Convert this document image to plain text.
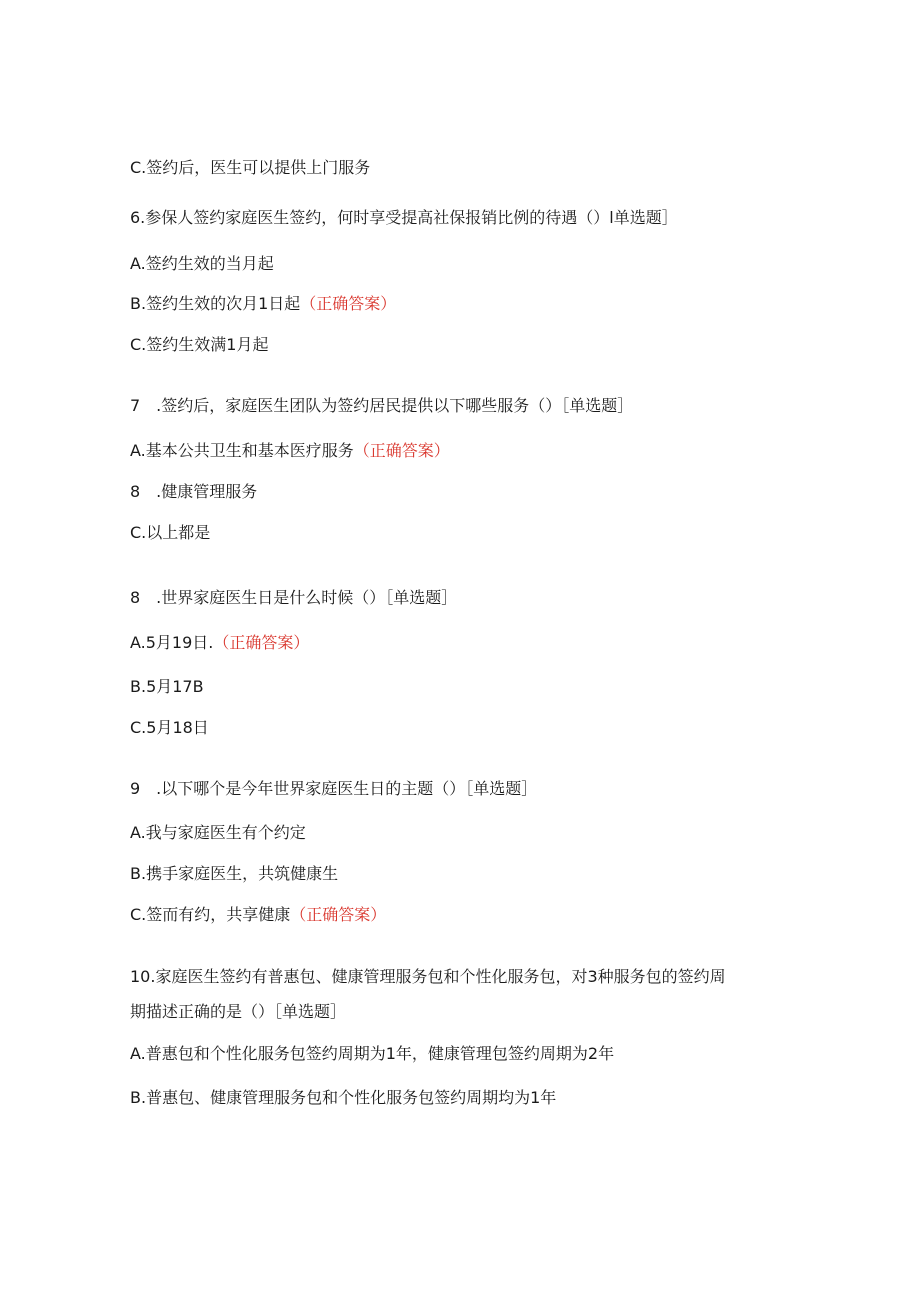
C.签约后，医生可以提供上门服务
6.参保人签约家庭医生签约，何时享受提高社保报销比例的待遇（）l单选题］
A.签约生效的当月起
B.签约生效的次月1日起（正确答案）
C.签约生效满1月起
7　.签约后，家庭医生团队为签约居民提供以下哪些服务（）［单选题］
A.基本公共卫生和基本医疗服务（正确答案）
8　.健康管理服务
C.以上都是
8　.世界家庭医生日是什么时候（）［单选题］
A.5月19日.（正确答案）
B.5月17B
C.5月18日
9　.以下哪个是今年世界家庭医生日的主题（）［单选题］
A.我与家庭医生有个约定
B.携手家庭医生，共筑健康生
C.签而有约，共享健康（正确答案）
10.家庭医生签约有普惠包、健康管理服务包和个性化服务包，对3种服务包的签约周
期描述正确的是（）［单选题］
A.普惠包和个性化服务包签约周期为1年，健康管理包签约周期为2年
B.普惠包、健康管理服务包和个性化服务包签约周期均为1年
